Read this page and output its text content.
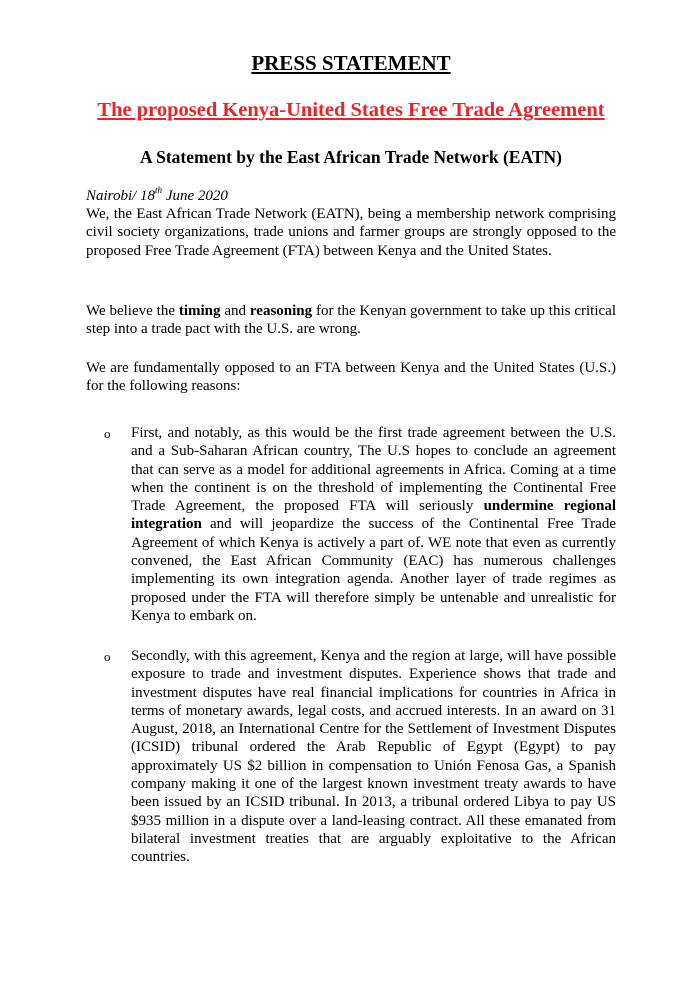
PRESS STATEMENT
The proposed Kenya-United States Free Trade Agreement
A Statement by the East African Trade Network (EATN)
Nairobi/ 18th June 2020
We, the East African Trade Network (EATN), being a membership network comprising civil society organizations, trade unions and farmer groups are strongly opposed to the proposed Free Trade Agreement (FTA) between Kenya and the United States.
We believe the timing and reasoning for the Kenyan government to take up this critical step into a trade pact with the U.S. are wrong.
We are fundamentally opposed to an FTA between Kenya and the United States (U.S.) for the following reasons:
o First, and notably, as this would be the first trade agreement between the U.S. and a Sub-Saharan African country, The U.S hopes to conclude an agreement that can serve as a model for additional agreements in Africa. Coming at a time when the continent is on the threshold of implementing the Continental Free Trade Agreement, the proposed FTA will seriously undermine regional integration and will jeopardize the success of the Continental Free Trade Agreement of which Kenya is actively a part of. WE note that even as currently convened, the East African Community (EAC) has numerous challenges implementing its own integration agenda. Another layer of trade regimes as proposed under the FTA will therefore simply be untenable and unrealistic for Kenya to embark on.
o Secondly, with this agreement, Kenya and the region at large, will have possible exposure to trade and investment disputes. Experience shows that trade and investment disputes have real financial implications for countries in Africa in terms of monetary awards, legal costs, and accrued interests. In an award on 31 August, 2018, an International Centre for the Settlement of Investment Disputes (ICSID) tribunal ordered the Arab Republic of Egypt (Egypt) to pay approximately US $2 billion in compensation to Unión Fenosa Gas, a Spanish company making it one of the largest known investment treaty awards to have been issued by an ICSID tribunal. In 2013, a tribunal ordered Libya to pay US $935 million in a dispute over a land-leasing contract. All these emanated from bilateral investment treaties that are arguably exploitative to the African countries.
